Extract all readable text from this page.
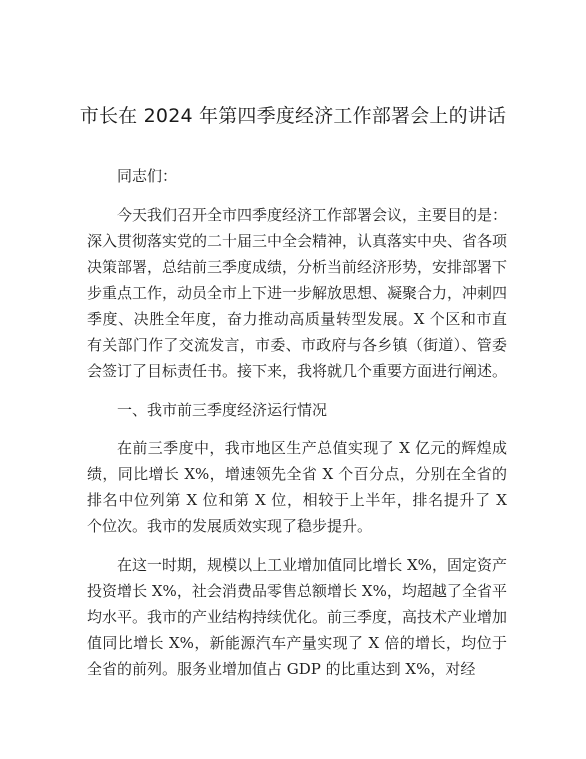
市长在 2024 年第四季度经济工作部署会上的讲话

同志们：

今天我们召开全市四季度经济工作部署会议，主要目的是：深入贯彻落实党的二十届三中全会精神，认真落实中央、省各项决策部署，总结前三季度成绩，分析当前经济形势，安排部署下步重点工作，动员全市上下进一步解放思想、凝聚合力，冲刺四季度、决胜全年度，奋力推动高质量转型发展。X 个区和市直有关部门作了交流发言，市委、市政府与各乡镇（街道）、管委会签订了目标责任书。接下来，我将就几个重要方面进行阐述。

一、我市前三季度经济运行情况

在前三季度中，我市地区生产总值实现了 X 亿元的辉煌成绩，同比增长 X%，增速领先全省 X 个百分点，分别在全省的排名中位列第 X 位和第 X 位，相较于上半年，排名提升了 X 个位次。我市的发展质效实现了稳步提升。

在这一时期，规模以上工业增加值同比增长 X%，固定资产投资增长 X%，社会消费品零售总额增长 X%，均超越了全省平均水平。我市的产业结构持续优化。前三季度，高技术产业增加值同比增长 X%，新能源汽车产量实现了 X 倍的增长，均位于全省的前列。服务业增加值占 GDP 的比重达到 X%，对经
